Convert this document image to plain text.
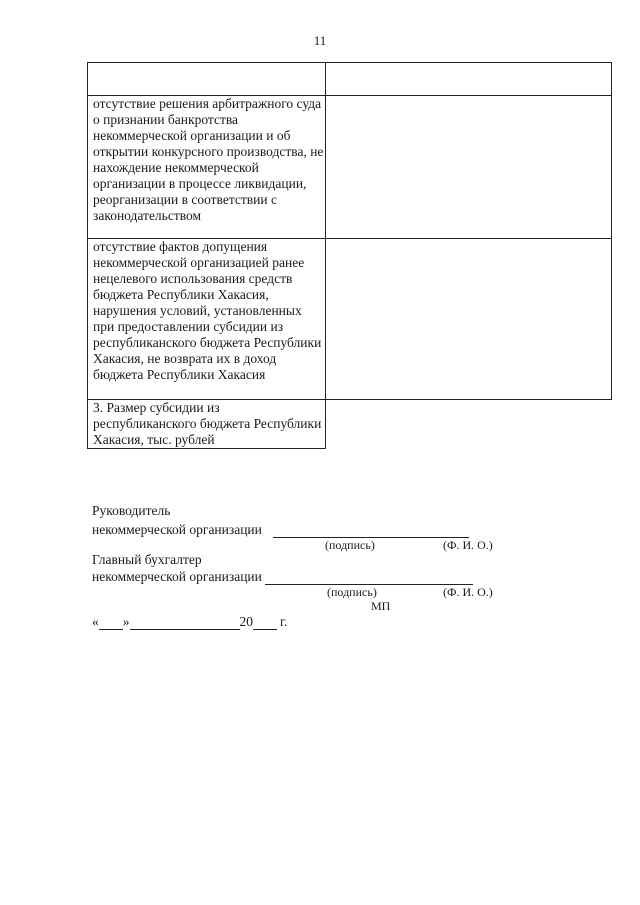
11

отсутствие решения арбитражного суда о признании банкротства некоммерческой организации и об открытии конкурсного производства, не нахождение некоммерческой организации в процессе ликвидации, реорганизации в соответствии с законодательством	
отсутствие фактов допущения некоммерческой организацией ранее нецелевого использования средств бюджета Республики Хакасия, нарушения условий, установленных при предоставлении субсидии из республиканского бюджета Республики Хакасия, не возврата их в доход бюджета Республики Хакасия	
3. Размер субсидии из республиканского бюджета Республики Хакасия, тыс. рублей	
Руководитель
некоммерческой организации
(подпись)	(Ф. И. О.)
Главный бухгалтер
некоммерческой организации
(подпись)	(Ф. И. О.)
МП
« »	20 г.
